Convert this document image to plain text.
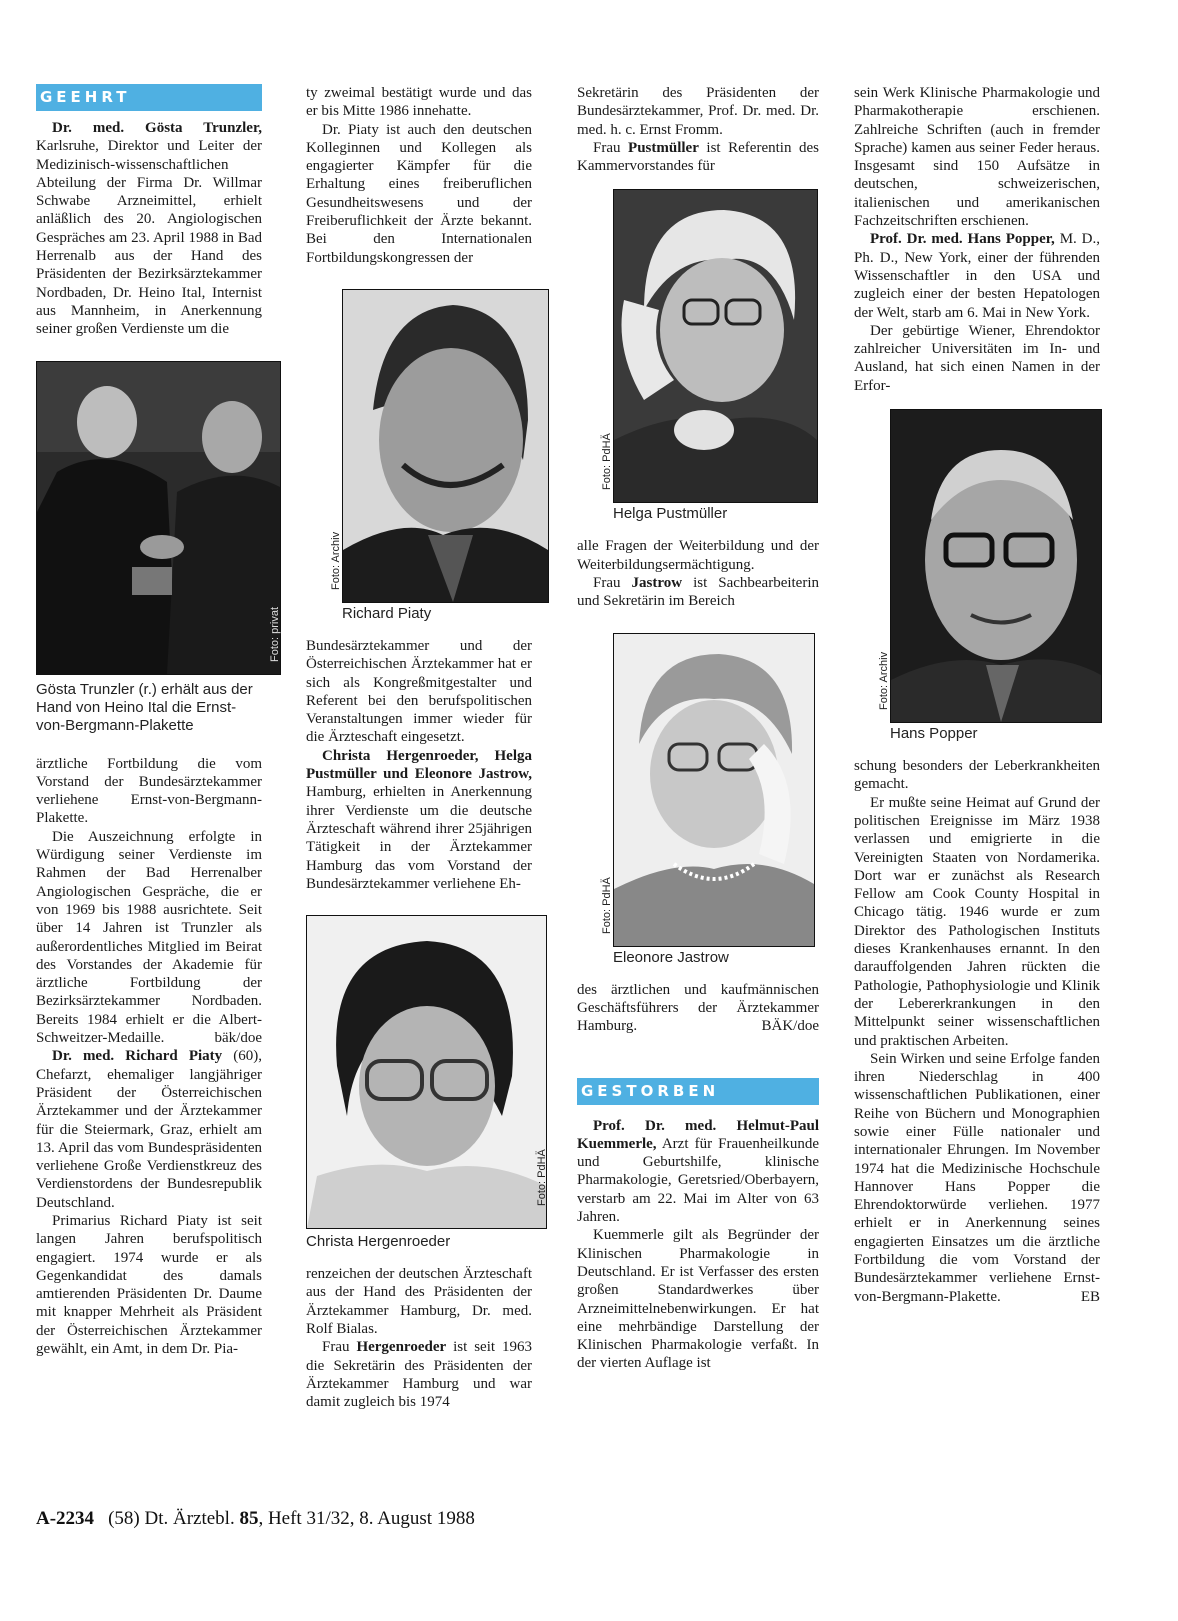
GEEHRT

Dr. med. Gösta Trunzler, Karlsruhe, Direktor und Leiter der Medizinisch-wissenschaftlichen Abteilung der Firma Dr. Willmar Schwabe Arzneimittel, erhielt anläßlich des 20. Angiologischen Gespräches am 23. April 1988 in Bad Herrenalb aus der Hand des Präsidenten der Bezirksärztekammer Nordbaden, Dr. Heino Ital, Internist aus Mannheim, in Anerkennung seiner großen Verdienste um die

Foto: privat
Gösta Trunzler (r.) erhält aus der Hand von Heino Ital die Ernst-von-Bergmann-Plakette

ärztliche Fortbildung die vom Vorstand der Bundesärztekammer verliehene Ernst-von-Bergmann-Plakette.

Die Auszeichnung erfolgte in Würdigung seiner Verdienste im Rahmen der Bad Herrenalber Angiologischen Gespräche, die er von 1969 bis 1988 ausrichtete. Seit über 14 Jahren ist Trunzler als außerordentliches Mitglied im Beirat des Vorstandes der Akademie für ärztliche Fortbildung der Bezirksärztekammer Nordbaden. Bereits 1984 erhielt er die Albert-Schweitzer-Medaille.	bäk/doe

Dr. med. Richard Piaty (60), Chefarzt, ehemaliger langjähriger Präsident der Österreichischen Ärztekammer und der Ärztekammer für die Steiermark, Graz, erhielt am 13. April das vom Bundespräsidenten verliehene Große Verdienstkreuz des Verdienstordens der Bundesrepublik Deutschland.

Primarius Richard Piaty ist seit langen Jahren berufspolitisch engagiert. 1974 wurde er als Gegenkandidat des damals amtierenden Präsidenten Dr. Daume mit knapper Mehrheit als Präsident der Österreichischen Ärztekammer gewählt, ein Amt, in dem Dr. Pia-

ty zweimal bestätigt wurde und das er bis Mitte 1986 innehatte.

Dr. Piaty ist auch den deutschen Kolleginnen und Kollegen als engagierter Kämpfer für die Erhaltung eines freiberuflichen Gesundheitswesens und der Freiberuflichkeit der Ärzte bekannt. Bei den Internationalen Fortbildungskongressen der

Foto: Archiv
Richard Piaty

Bundesärztekammer und der Österreichischen Ärztekammer hat er sich als Kongreßmitgestalter und Referent bei den berufspolitischen Veranstaltungen immer wieder für die Ärzteschaft eingesetzt.

Christa Hergenroeder, Helga Pustmüller und Eleonore Jastrow, Hamburg, erhielten in Anerkennung ihrer Verdienste um die deutsche Ärzteschaft während ihrer 25jährigen Tätigkeit in der Ärztekammer Hamburg das vom Vorstand der Bundesärztekammer verliehene Eh-

Foto: PdHÄ
Christa Hergenroeder

renzeichen der deutschen Ärzteschaft aus der Hand des Präsidenten der Ärztekammer Hamburg, Dr. med. Rolf Bialas.

Frau Hergenroeder ist seit 1963 die Sekretärin des Präsidenten der Ärztekammer Hamburg und war damit zugleich bis 1974

Sekretärin des Präsidenten der Bundesärztekammer, Prof. Dr. med. Dr. med. h. c. Ernst Fromm.

Frau Pustmüller ist Referentin des Kammervorstandes für

Foto: PdHÄ
Helga Pustmüller

alle Fragen der Weiterbildung und der Weiterbildungsermächtigung.

Frau Jastrow ist Sachbearbeiterin und Sekretärin im Bereich

Foto: PdHÄ
Eleonore Jastrow

des ärztlichen und kaufmännischen Geschäftsführers der Ärztekammer Hamburg.	BÄK/doe

GESTORBEN

Prof. Dr. med. Helmut-Paul Kuemmerle, Arzt für Frauenheilkunde und Geburtshilfe, klinische Pharmakologie, Geretsried/Oberbayern, verstarb am 22. Mai im Alter von 63 Jahren.

Kuemmerle gilt als Begründer der Klinischen Pharmakologie in Deutschland. Er ist Verfasser des ersten großen Standardwerkes über Arzneimittelnebenwirkungen. Er hat eine mehrbändige Darstellung der Klinischen Pharmakologie verfaßt. In der vierten Auflage ist

sein Werk Klinische Pharmakologie und Pharmakotherapie erschienen. Zahlreiche Schriften (auch in fremder Sprache) kamen aus seiner Feder heraus. Insgesamt sind 150 Aufsätze in deutschen, schweizerischen, italienischen und amerikanischen Fachzeitschriften erschienen.

Prof. Dr. med. Hans Popper, M. D., Ph. D., New York, einer der führenden Wissenschaftler in den USA und zugleich einer der besten Hepatologen der Welt, starb am 6. Mai in New York.

Der gebürtige Wiener, Ehrendoktor zahlreicher Universitäten im In- und Ausland, hat sich einen Namen in der Erfor-

Foto: Archiv
Hans Popper

schung besonders der Leberkrankheiten gemacht.

Er mußte seine Heimat auf Grund der politischen Ereignisse im März 1938 verlassen und emigrierte in die Vereinigten Staaten von Nordamerika. Dort war er zunächst als Research Fellow am Cook County Hospital in Chicago tätig. 1946 wurde er zum Direktor des Pathologischen Instituts dieses Krankenhauses ernannt. In den darauffolgenden Jahren rückten die Pathologie, Pathophysiologie und Klinik der Lebererkrankungen in den Mittelpunkt seiner wissenschaftlichen und praktischen Arbeiten.

Sein Wirken und seine Erfolge fanden ihren Niederschlag in 400 wissenschaftlichen Publikationen, einer Reihe von Büchern und Monographien sowie einer Fülle nationaler und internationaler Ehrungen. Im November 1974 hat die Medizinische Hochschule Hannover Hans Popper die Ehrendoktorwürde verliehen. 1977 erhielt er in Anerkennung seines engagierten Einsatzes um die ärztliche Fortbildung die vom Vorstand der Bundesärztekammer verliehene Ernst-von-Bergmann-Plakette.	EB

A-2234 (58) Dt. Ärztebl. 85, Heft 31/32, 8. August 1988
